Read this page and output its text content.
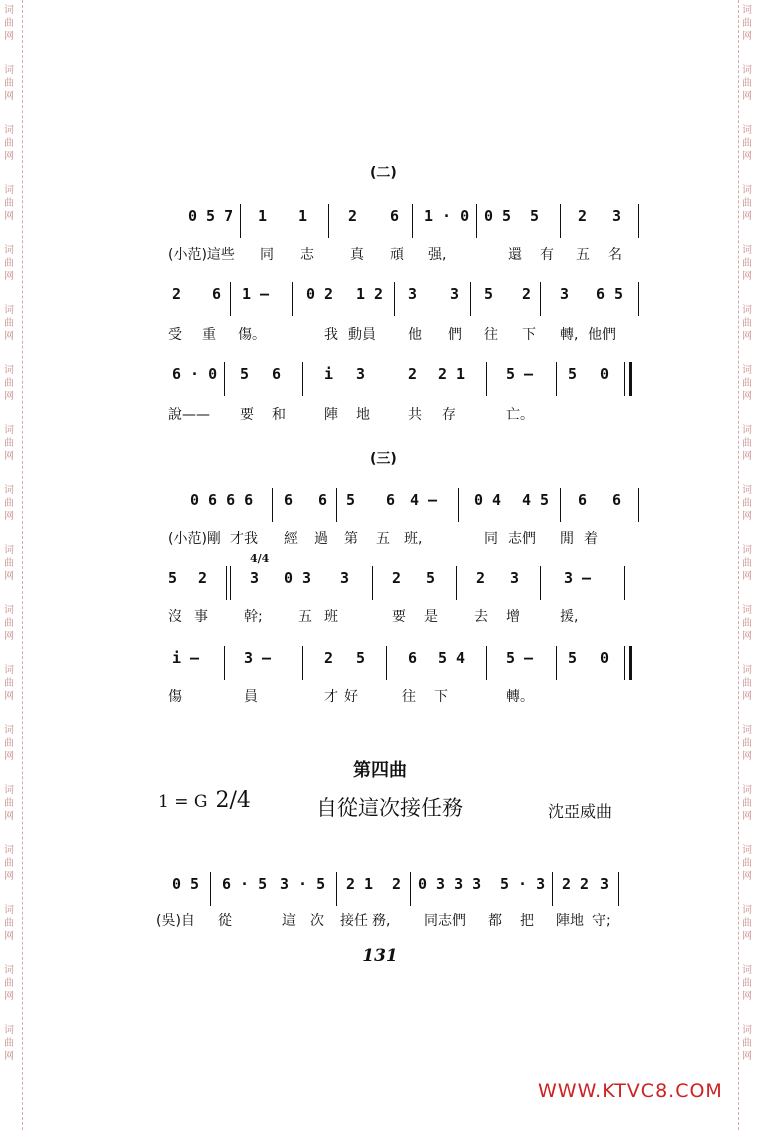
词
曲
网
词
曲
网
词
曲
网
词
曲
网
词
曲
网
词
曲
网
词
曲
网
词
曲
网
词
曲
网
词
曲
网
词
曲
网
词
曲
网
词
曲
网
词
曲
网
词
曲
网
词
曲
网
词
曲
网
词
曲
网
词
曲
网
词
曲
网
词
曲
网
词
曲
网
词
曲
网
词
曲
网
词
曲
网
词
曲
网
词
曲
网
词
曲
网
词
曲
网
词
曲
网
词
曲
网
词
曲
网
词
曲
网
词
曲
网
词
曲
网
词
曲
网
(二)
0 5 7 1 1	2 6 1 · 0 0 5 5	2 3
(小范)這些 同 志	真 頑 强,	還 有 五 名
2 6 1 — 0 2 1 2 3 3 5 2 3 6 5
受 重 傷。	我 動員 他 們 往 下 轉, 他們
6 · 0 5 6	i 3	2 2 1	5 — 5 0
說—— 要 和	陣 地	共 存	亡。
(三)
0 6 6 6 6 6 5 6 4 — 0 4 4 5 6 6
(小范)剛 才我 經 過 第 五 班,	同 志們 閒 着
5 2
4/4
3 0 3 3	2 5	2 3	3 —
沒 事	幹;	五 班	要 是	去 增	援,
i —	3 —	2 5	6 5 4	5 — 5 0
傷	員	才 好	往 下	轉。
第四曲
1 = G 2/4	自從這次接任務	沈亞威曲
0 5 6 · 5 3 · 5 2 1 2 0 3 3 3 5 · 3 2 2 3
(吳)自 從	這 次 接任 務, 同志們 都 把 陣地 守;
131
WWW.KTVC8.COM
